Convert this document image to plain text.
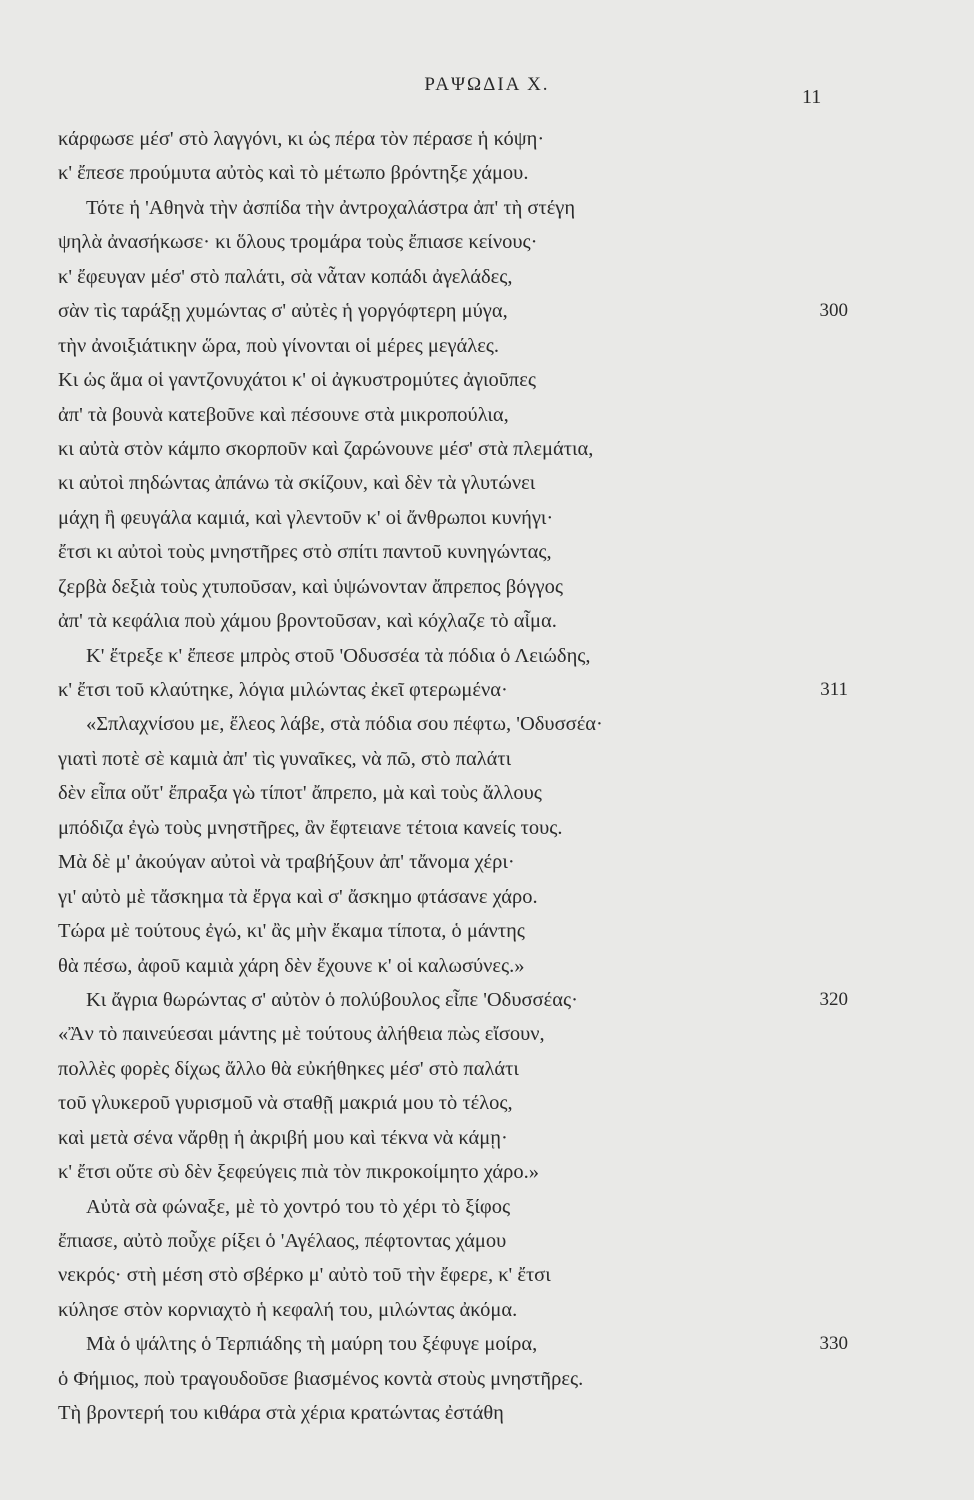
ΡΑΨΩΔΙΑ Χ.
11
κάρφωσε μέσ' στὸ λαγγόνι, κι ὡς πέρα τὸν πέρασε ἡ κόψη·
κ' ἔπεσε προύμυτα αὐτὸς καὶ τὸ μέτωπο βρόντηξε χάμου.
Τότε ἡ 'Αθηνὰ τὴν ἀσπίδα τὴν ἀντροχαλάστρα ἀπ' τὴ στέγη
ψηλὰ ἀνασήκωσε· κι ὅλους τρομάρα τοὺς ἔπιασε κείνους·
κ' ἔφευγαν μέσ' στὸ παλάτι, σὰ νἆταν κοπάδι ἀγελάδες,
σὰν τὶς ταράξῃ χυμώντας σ' αὐτὲς ἡ γοργόφτερη μύγα,	300
τὴν ἀνοιξιάτικην ὥρα, ποὺ γίνονται οἱ μέρες μεγάλες.
Κι ὡς ἅμα οἱ γαντζονυχάτοι κ' οἱ ἀγκυστρομύτες ἀγιοῦπες
ἀπ' τὰ βουνὰ κατεβοῦνε καὶ πέσουνε στὰ μικροπούλια,
κι αὐτὰ στὸν κάμπο σκορποῦν καὶ ζαρώνουνε μέσ' στὰ πλεμάτια,
κι αὐτοὶ πηδώντας ἀπάνω τὰ σκίζουν, καὶ δὲν τὰ γλυτώνει
μάχη ἢ φευγάλα καμιά, καὶ γλεντοῦν κ' οἱ ἄνθρωποι κυνήγι·
ἔτσι κι αὐτοὶ τοὺς μνηστῆρες στὸ σπίτι παντοῦ κυνηγώντας,
ζερβὰ δεξιὰ τοὺς χτυποῦσαν, καὶ ὑψώνονταν ἄπρεπος βόγγος
ἀπ' τὰ κεφάλια ποὺ χάμου βροντοῦσαν, καὶ κόχλαζε τὸ αἷμα.
Κ' ἔτρεξε κ' ἔπεσε μπρὸς στοῦ 'Οδυσσέα τὰ πόδια ὁ Λειώδης,
κ' ἔτσι τοῦ κλαύτηκε, λόγια μιλώντας ἐκεῖ φτερωμένα·	311
«Σπλαχνίσου με, ἔλεος λάβε, στὰ πόδια σου πέφτω, 'Οδυσσέα·
γιατὶ ποτὲ σὲ καμιὰ ἀπ' τὶς γυναῖκες, νὰ πῶ, στὸ παλάτι
δὲν εἶπα οὔτ' ἔπραξα γὼ τίποτ' ἄπρεπο, μὰ καὶ τοὺς ἄλλους
μπόδιζα ἐγὼ τοὺς μνηστῆρες, ἂν ἔφτειανε τέτοια κανείς τους.
Μὰ δὲ μ' ἀκούγαν αὐτοὶ νὰ τραβήξουν ἀπ' τἄνομα χέρι·
γι' αὐτὸ μὲ τἄσκημα τὰ ἔργα καὶ σ' ἄσκημο φτάσανε χάρο.
Τώρα μὲ τούτους ἐγώ, κι' ἂς μὴν ἔκαμα τίποτα, ὁ μάντης
θὰ πέσω, ἀφοῦ καμιὰ χάρη δὲν ἔχουνε κ' οἱ καλωσύνες.»
Κι ἄγρια θωρώντας σ' αὐτὸν ὁ πολύβουλος εἶπε 'Οδυσσέας·	320
«Ἂν τὸ παινεύεσαι μάντης μὲ τούτους ἀλήθεια πὼς εἴσουν,
πολλὲς φορὲς δίχως ἄλλο θὰ εὐκήθηκες μέσ' στὸ παλάτι
τοῦ γλυκεροῦ γυρισμοῦ νὰ σταθῇ μακριά μου τὸ τέλος,
καὶ μετὰ σένα νἄρθῃ ἡ ἀκριβή μου καὶ τέκνα νὰ κάμῃ·
κ' ἔτσι οὔτε σὺ δὲν ξεφεύγεις πιὰ τὸν πικροκοίμητο χάρο.»
Αὐτὰ σὰ φώναξε, μὲ τὸ χοντρό του τὸ χέρι τὸ ξίφος
ἔπιασε, αὐτὸ ποὖχε ρίξει ὁ 'Αγέλαος, πέφτοντας χάμου
νεκρός· στὴ μέση στὸ σβέρκο μ' αὐτὸ τοῦ τὴν ἔφερε, κ' ἔτσι
κύλησε στὸν κορνιαχτὸ ἡ κεφαλή του, μιλώντας ἀκόμα.
Μὰ ὁ ψάλτης ὁ Τερπιάδης τὴ μαύρη του ξέφυγε μοίρα,	330
ὁ Φήμιος, ποὺ τραγουδοῦσε βιασμένος κοντὰ στοὺς μνηστῆρες.
Τὴ βροντερή του κιθάρα στὰ χέρια κρατώντας ἐστάθη
